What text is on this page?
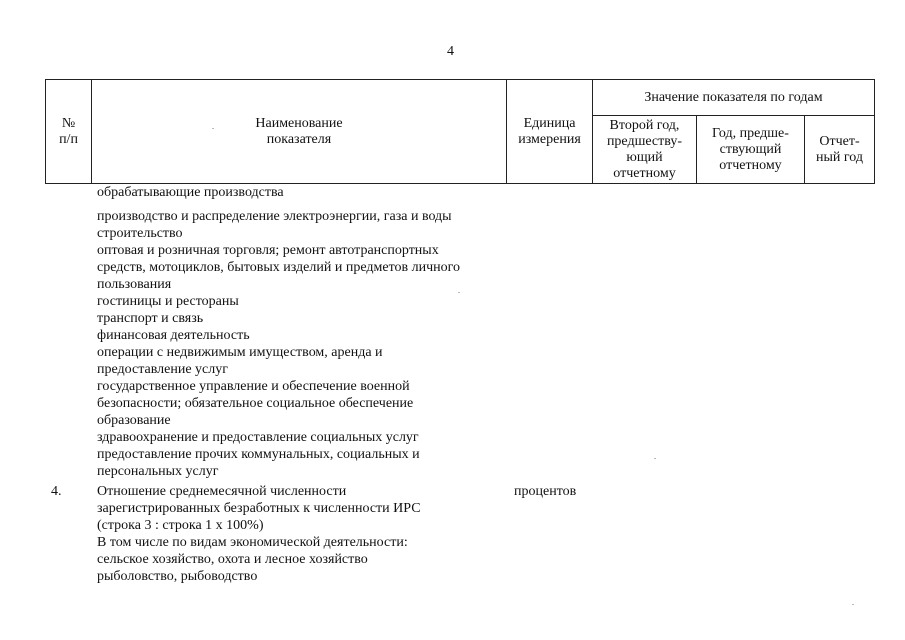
4
№
п/п
Наименование
показателя
Единица
измерения
Значение показателя по годам
Второй год,
предшеству-
ющий
отчетному
Год, предше-
ствующий
отчетному
Отчет-
ный год
обрабатывающие производства
производство и распределение электроэнергии, газа и воды
строительство
оптовая и розничная торговля; ремонт автотранспортных
средств, мотоциклов, бытовых изделий и предметов личного
пользования
гостиницы и рестораны
транспорт и связь
финансовая деятельность
операции с недвижимым имуществом, аренда и
предоставление услуг
государственное управление и обеспечение военной
безопасности; обязательное социальное обеспечение
образование
здравоохранение и предоставление социальных услуг
предоставление прочих коммунальных, социальных и
персональных услуг
4.	Отношение среднемесячной численности
зарегистрированных безработных к численности ИРС
(строка 3 : строка 1 х 100%)
процентов
В том числе по видам экономической деятельности:
сельское хозяйство, охота и лесное хозяйство
рыболовство, рыбоводство
